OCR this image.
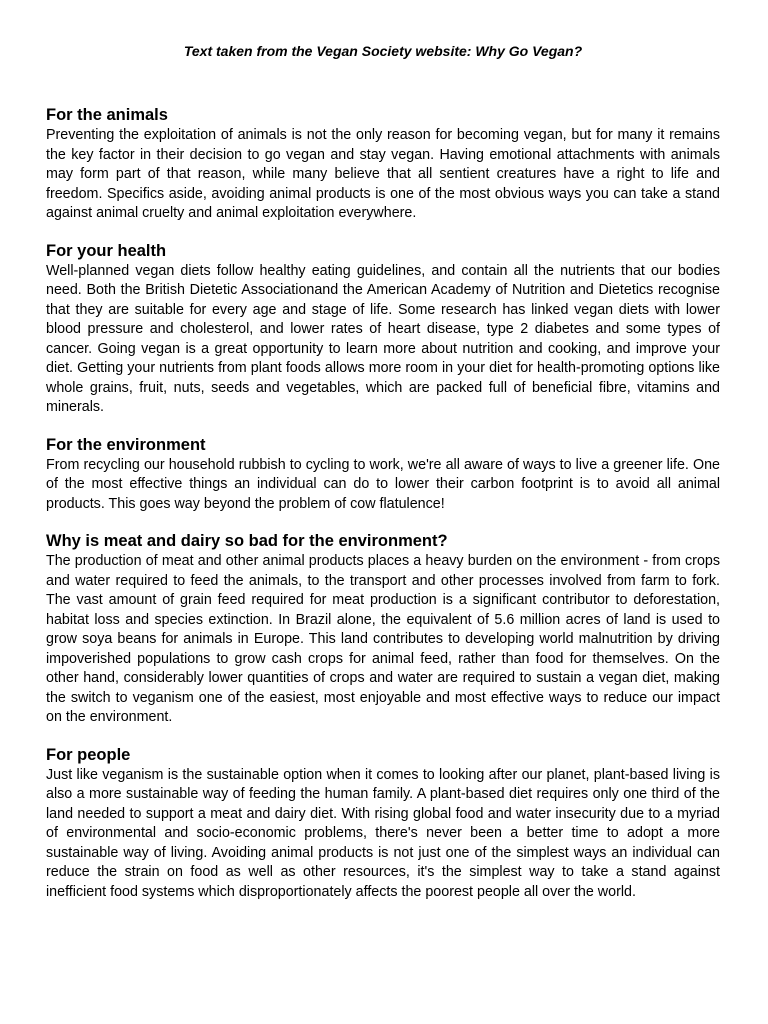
Text taken from the Vegan Society website: Why Go Vegan?
For the animals

Preventing the exploitation of animals is not the only reason for becoming vegan, but for many it remains the key factor in their decision to go vegan and stay vegan. Having emotional attachments with animals may form part of that reason, while many believe that all sentient creatures have a right to life and freedom. Specifics aside, avoiding animal products is one of the most obvious ways you can take a stand against animal cruelty and animal exploitation everywhere.

For your health

Well-planned vegan diets follow healthy eating guidelines, and contain all the nutrients that our bodies need. Both the British Dietetic Associationand the American Academy of Nutrition and Dietetics recognise that they are suitable for every age and stage of life. Some research has linked vegan diets with lower blood pressure and cholesterol, and lower rates of heart disease, type 2 diabetes and some types of cancer. Going vegan is a great opportunity to learn more about nutrition and cooking, and improve your diet. Getting your nutrients from plant foods allows more room in your diet for health-promoting options like whole grains, fruit, nuts, seeds and vegetables, which are packed full of beneficial fibre, vitamins and minerals.

For the environment

From recycling our household rubbish to cycling to work, we're all aware of ways to live a greener life. One of the most effective things an individual can do to lower their carbon footprint is to avoid all animal products. This goes way beyond the problem of cow flatulence!

Why is meat and dairy so bad for the environment?

The production of meat and other animal products places a heavy burden on the environment - from crops and water required to feed the animals, to the transport and other processes involved from farm to fork. The vast amount of grain feed required for meat production is a significant contributor to deforestation, habitat loss and species extinction. In Brazil alone, the equivalent of 5.6 million acres of land is used to grow soya beans for animals in Europe. This land contributes to developing world malnutrition by driving impoverished populations to grow cash crops for animal feed, rather than food for themselves. On the other hand, considerably lower quantities of crops and water are required to sustain a vegan diet, making the switch to veganism one of the easiest, most enjoyable and most effective ways to reduce our impact on the environment.

For people

Just like veganism is the sustainable option when it comes to looking after our planet, plant-based living is also a more sustainable way of feeding the human family. A plant-based diet requires only one third of the land needed to support a meat and dairy diet. With rising global food and water insecurity due to a myriad of environmental and socio-economic problems, there's never been a better time to adopt a more sustainable way of living. Avoiding animal products is not just one of the simplest ways an individual can reduce the strain on food as well as other resources, it's the simplest way to take a stand against inefficient food systems which disproportionately affects the poorest people all over the world.
